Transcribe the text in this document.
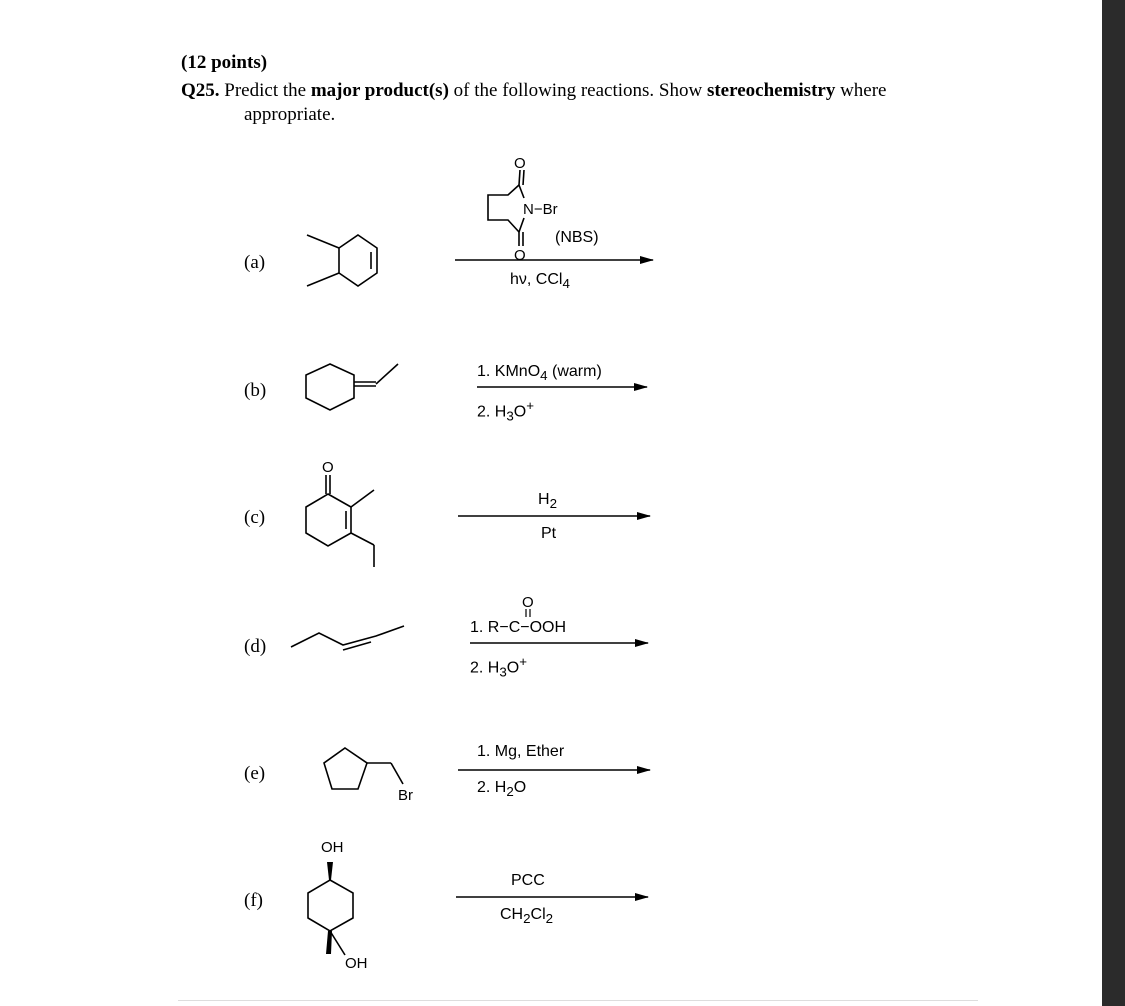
(12 points)
Q25. Predict the major product(s) of the following reactions. Show stereochemistry where
appropriate.
(a)
(b)
(c)
(d)
(e)
(f)
O
O
N−Br
O
Br
OH
OH
O
(NBS)
hν, CCl$_4$
1. KMnO$_4$ (warm)
2. $H_3O^+$
$H_2$
Pt
1. R−C−OOH
2. $H_3O^+$
1. Mg, Ether
2. $H_2O$
PCC
$CH_2Cl_2$
